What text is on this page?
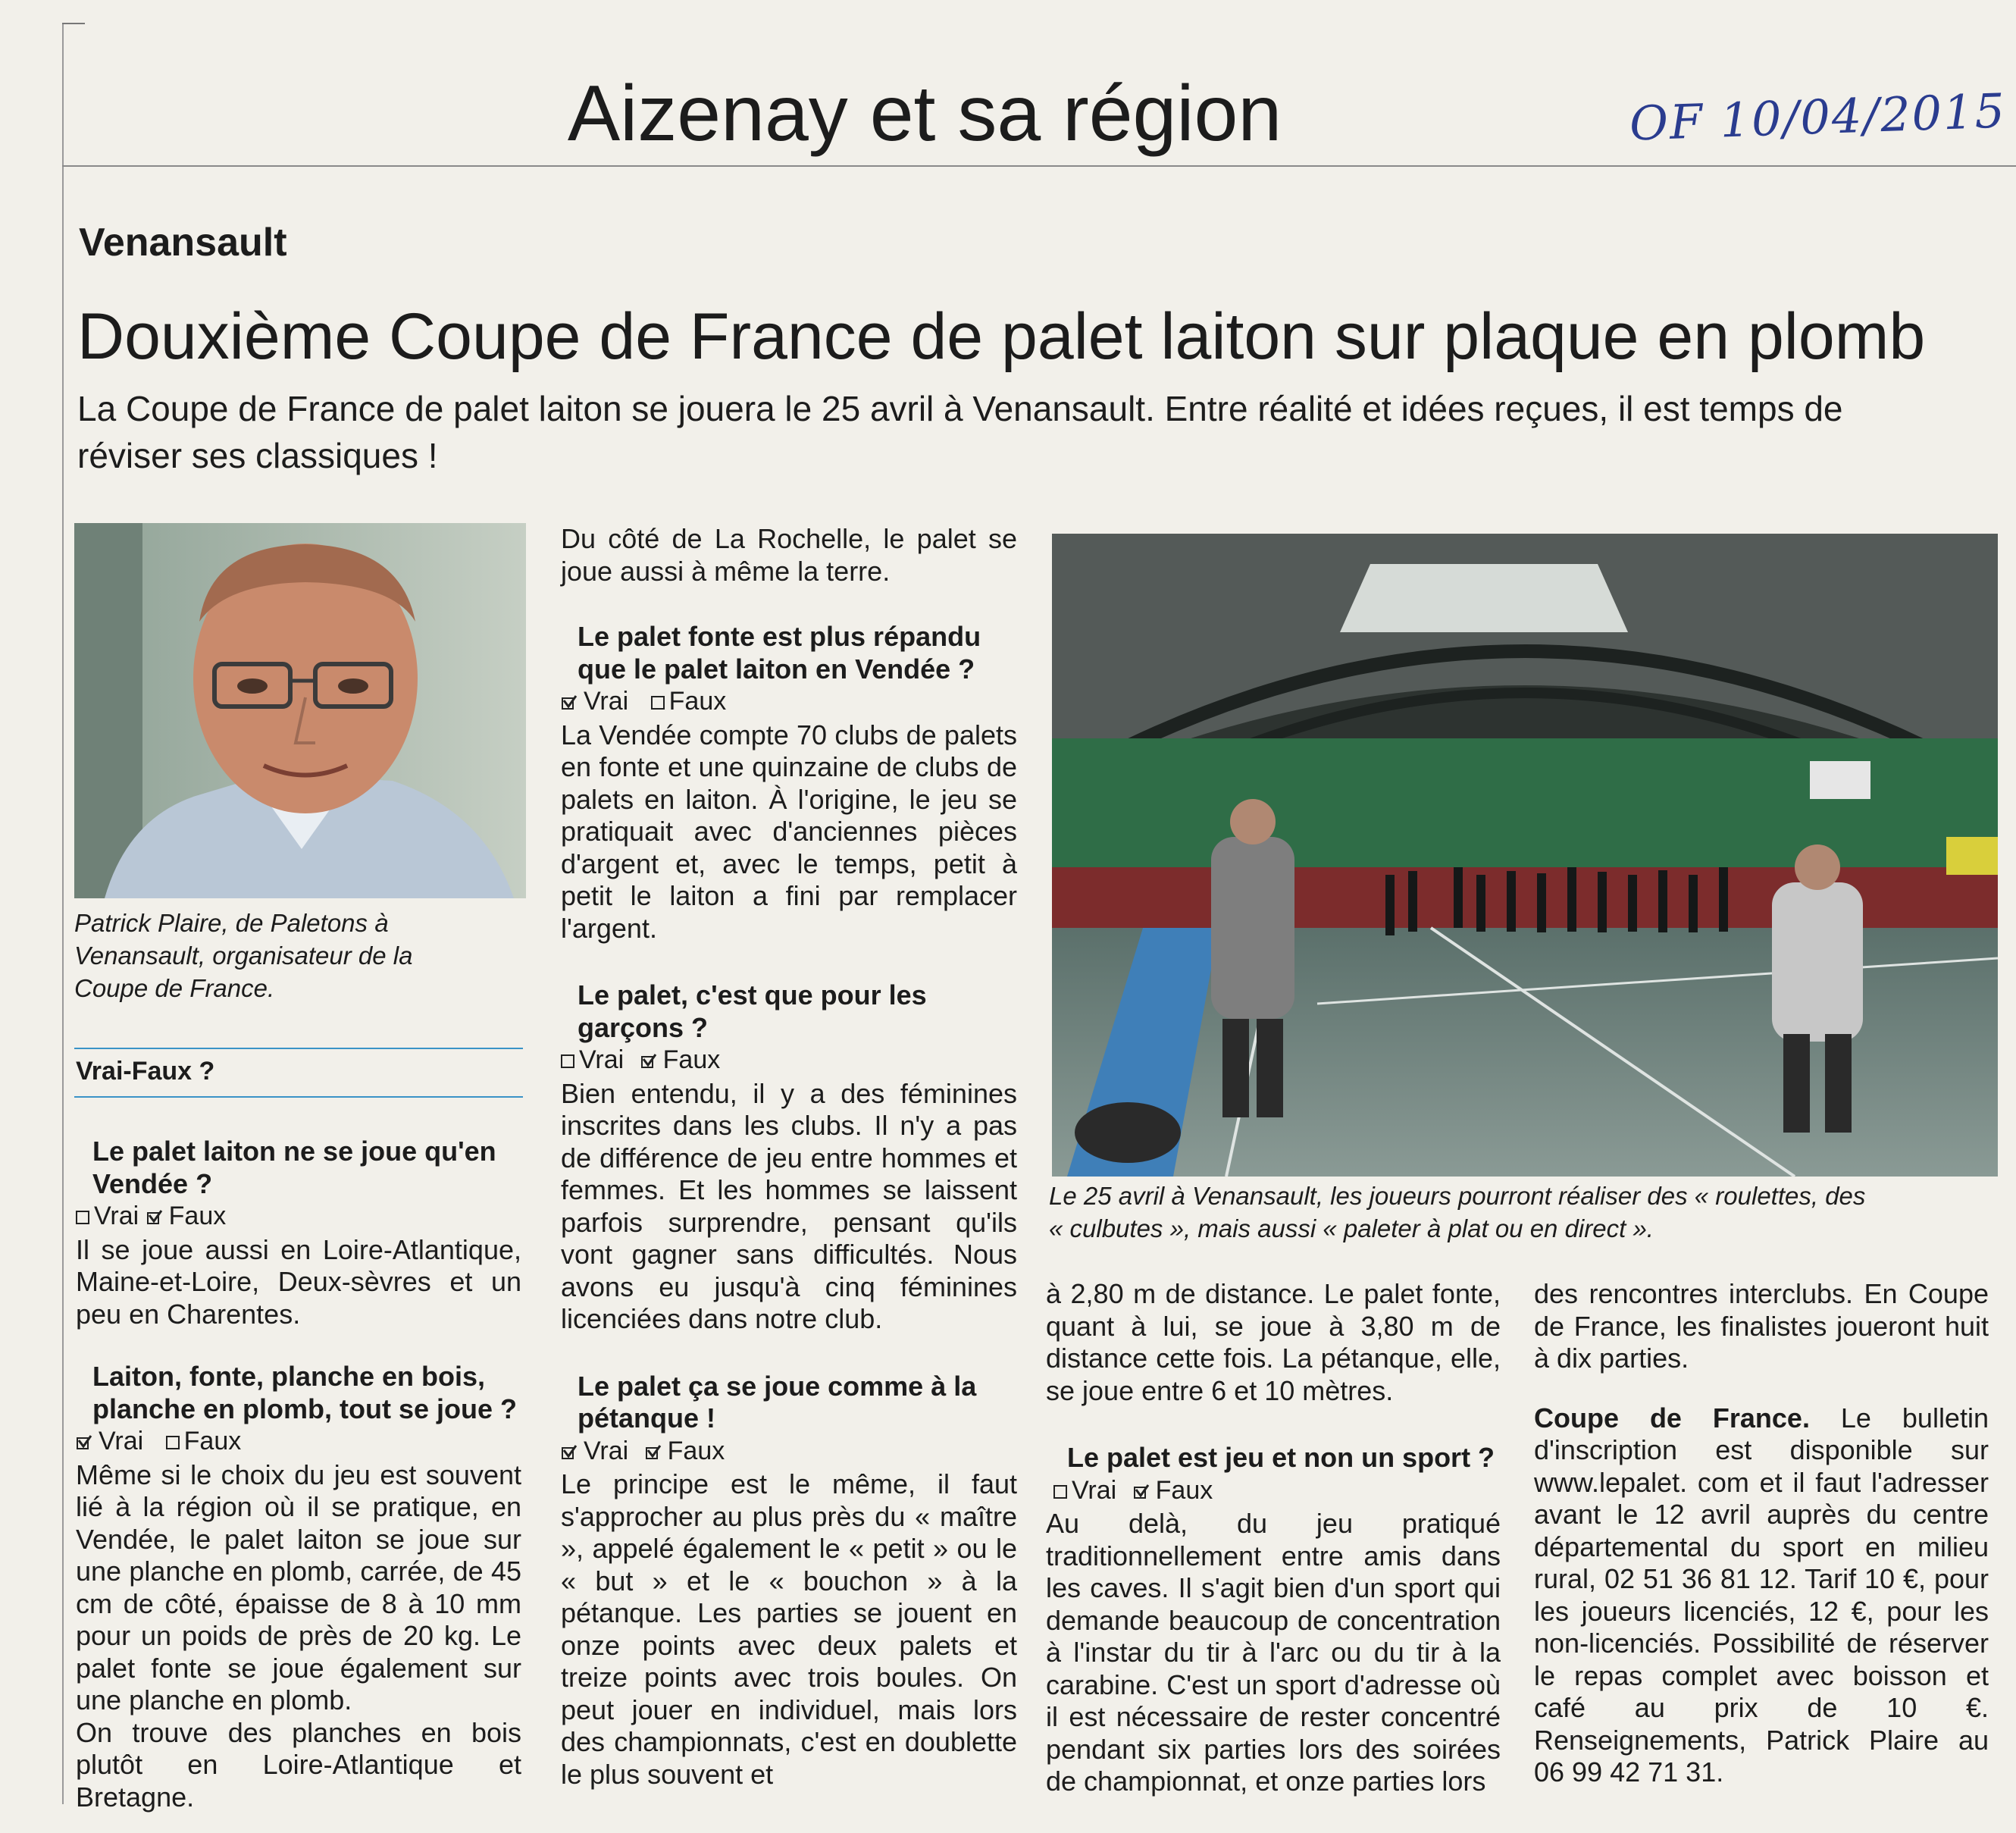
Aizenay et sa région	OF 10/04/2015
Venansault
Douxième Coupe de France de palet laiton sur plaque en plomb
La Coupe de France de palet laiton se jouera le 25 avril à Venansault. Entre réalité et idées reçues, il est temps de réviser ses classiques !
Patrick Plaire, de Paletons à Venansault, organisateur de la Coupe de France.
Vrai-Faux ?

Le palet laiton ne se joue qu'en Vendée ?

Vrai Faux

Il se joue aussi en Loire-Atlantique, Maine-et-Loire, Deux-sèvres et un peu en Charentes.

Laiton, fonte, planche en bois, planche en plomb, tout se joue ?

Vrai Faux

Même si le choix du jeu est souvent lié à la région où il se pratique, en Vendée, le palet laiton se joue sur une planche en plomb, carrée, de 45 cm de côté, épaisse de 8 à 10 mm pour un poids de près de 20 kg. Le palet fonte se joue également sur une planche en plomb.

On trouve des planches en bois plutôt en Loire-Atlantique et Bretagne.

Du côté de La Rochelle, le palet se joue aussi à même la terre.

Le palet fonte est plus répandu que le palet laiton en Vendée ?

Vrai Faux

La Vendée compte 70 clubs de palets en fonte et une quinzaine de clubs de palets en laiton. À l'origine, le jeu se pratiquait avec d'anciennes pièces d'argent et, avec le temps, petit à petit le laiton a fini par remplacer l'argent.

Le palet, c'est que pour les garçons ?

Vrai Faux

Bien entendu, il y a des féminines inscrites dans les clubs. Il n'y a pas de différence de jeu entre hommes et femmes. Et les hommes se laissent parfois surprendre, pensant qu'ils vont gagner sans difficultés. Nous avons eu jusqu'à cinq féminines licenciées dans notre club.

Le palet ça se joue comme à la pétanque !

Vrai Faux

Le principe est le même, il faut s'approcher au plus près du « maître », appelé également le « petit » ou le « but » et le « bouchon » à la pétanque. Les parties se jouent en onze points avec deux palets et treize points avec trois boules. On peut jouer en individuel, mais lors des championnats, c'est en doublette le plus souvent et

Le 25 avril à Venansault, les joueurs pourront réaliser des « roulettes, des « culbutes », mais aussi « paleter à plat ou en direct ».

à 2,80 m de distance. Le palet fonte, quant à lui, se joue à 3,80 m de distance cette fois. La pétanque, elle, se joue entre 6 et 10 mètres.

Le palet est jeu et non un sport ?

Vrai Faux

Au delà, du jeu pratiqué traditionnellement entre amis dans les caves. Il s'agit bien d'un sport qui demande beaucoup de concentration à l'instar du tir à l'arc ou du tir à la carabine. C'est un sport d'adresse où il est nécessaire de rester concentré pendant six parties lors des soirées de championnat, et onze parties lors

des rencontres interclubs. En Coupe de France, les finalistes joueront huit à dix parties.

Coupe de France. Le bulletin d'inscription est disponible sur www.lepalet. com et il faut l'adresser avant le 12 avril auprès du centre départemental du sport en milieu rural, 02 51 36 81 12. Tarif 10 €, pour les joueurs licenciés, 12 €, pour les non-licenciés. Possibilité de réserver le repas complet avec boisson et café au prix de 10 €. Renseignements, Patrick Plaire au 06 99 42 71 31.
